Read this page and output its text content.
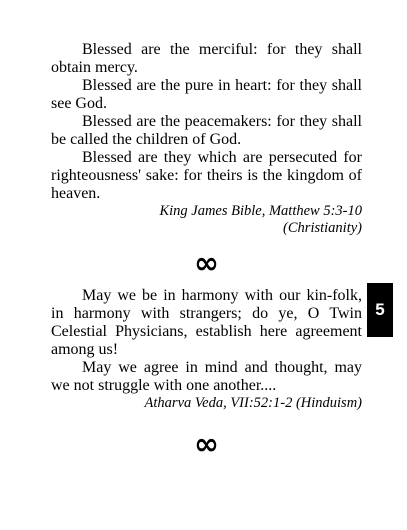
Blessed are the merciful: for they shall obtain mercy.

Blessed are the pure in heart: for they shall see God.

Blessed are the peacemakers: for they shall be called the children of God.

Blessed are they which are persecuted for righteousness' sake: for theirs is the kingdom of heaven.

King James Bible, Matthew 5:3-10
(Christianity)

∞

May we be in harmony with our kin-folk, in harmony with strangers; do ye, O Twin Celestial Physicians, establish here agreement among us!

May we agree in mind and thought, may we not struggle with one another....

Atharva Veda, VII:52:1-2 (Hinduism)

∞
5
